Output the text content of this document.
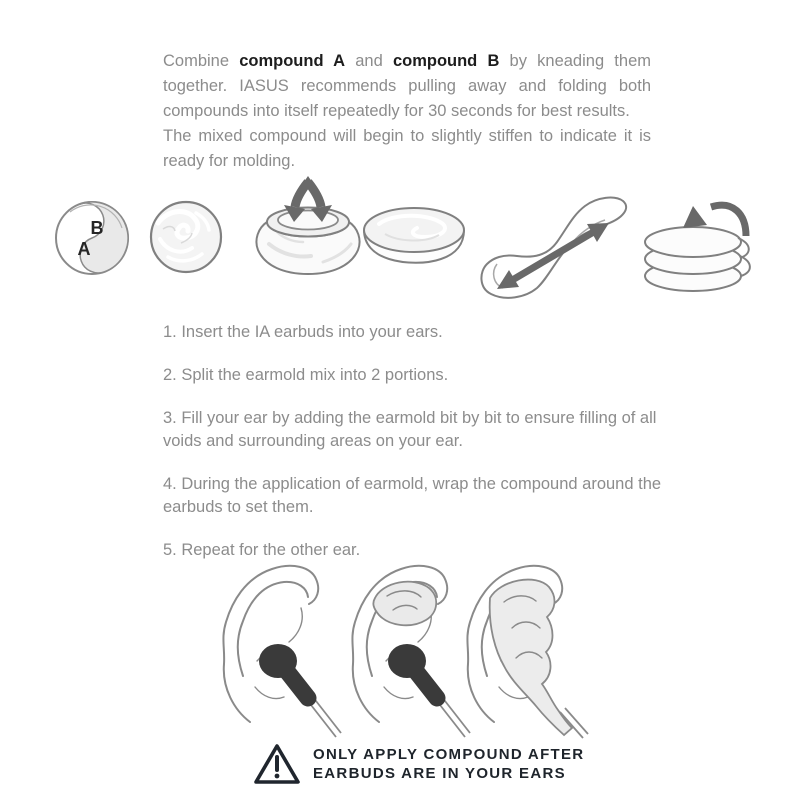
Combine compound A and compound B by kneading them together. IASUS recommends pulling away and folding both compounds into itself repeatedly for 30 seconds for best results.

The mixed compound will begin to slightly stiffen to indicate it is ready for molding.

B
A
1. Insert the IA earbuds into your ears.
2. Split the earmold mix into 2 portions.
3. Fill your ear by adding the earmold bit by bit to ensure filling of all voids and surrounding areas on your ear.
4. During the application of earmold, wrap the compound around the earbuds to set them.
5. Repeat for the other ear.
ONLY APPLY COMPOUND AFTER
EARBUDS ARE IN YOUR EARS
